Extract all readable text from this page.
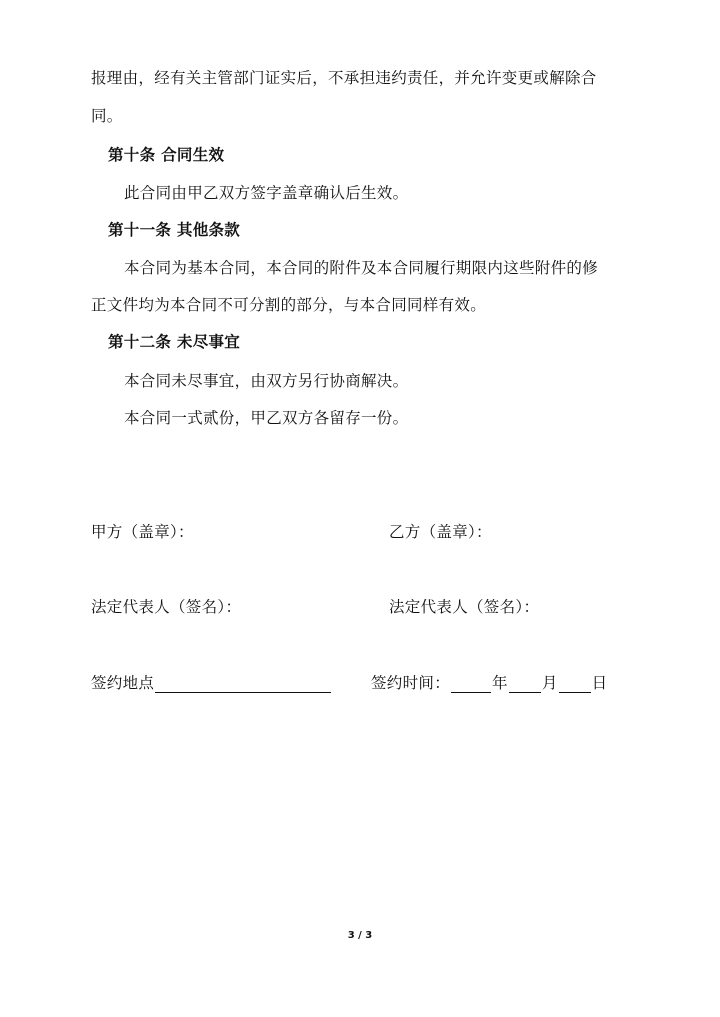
报理由，经有关主管部门证实后，不承担违约责任，并允许变更或解除合
同。
第十条 合同生效
此合同由甲乙双方签字盖章确认后生效。
第十一条 其他条款
本合同为基本合同，本合同的附件及本合同履行期限内这些附件的修
正文件均为本合同不可分割的部分，与本合同同样有效。
第十二条 未尽事宜
本合同未尽事宜，由双方另行协商解决。
本合同一式贰份，甲乙双方各留存一份。
甲方（盖章）：	乙方（盖章）：
法定代表人（签名）：	法定代表人（签名）：
签约地点	签约时间：	年 月 日
3 / 3
